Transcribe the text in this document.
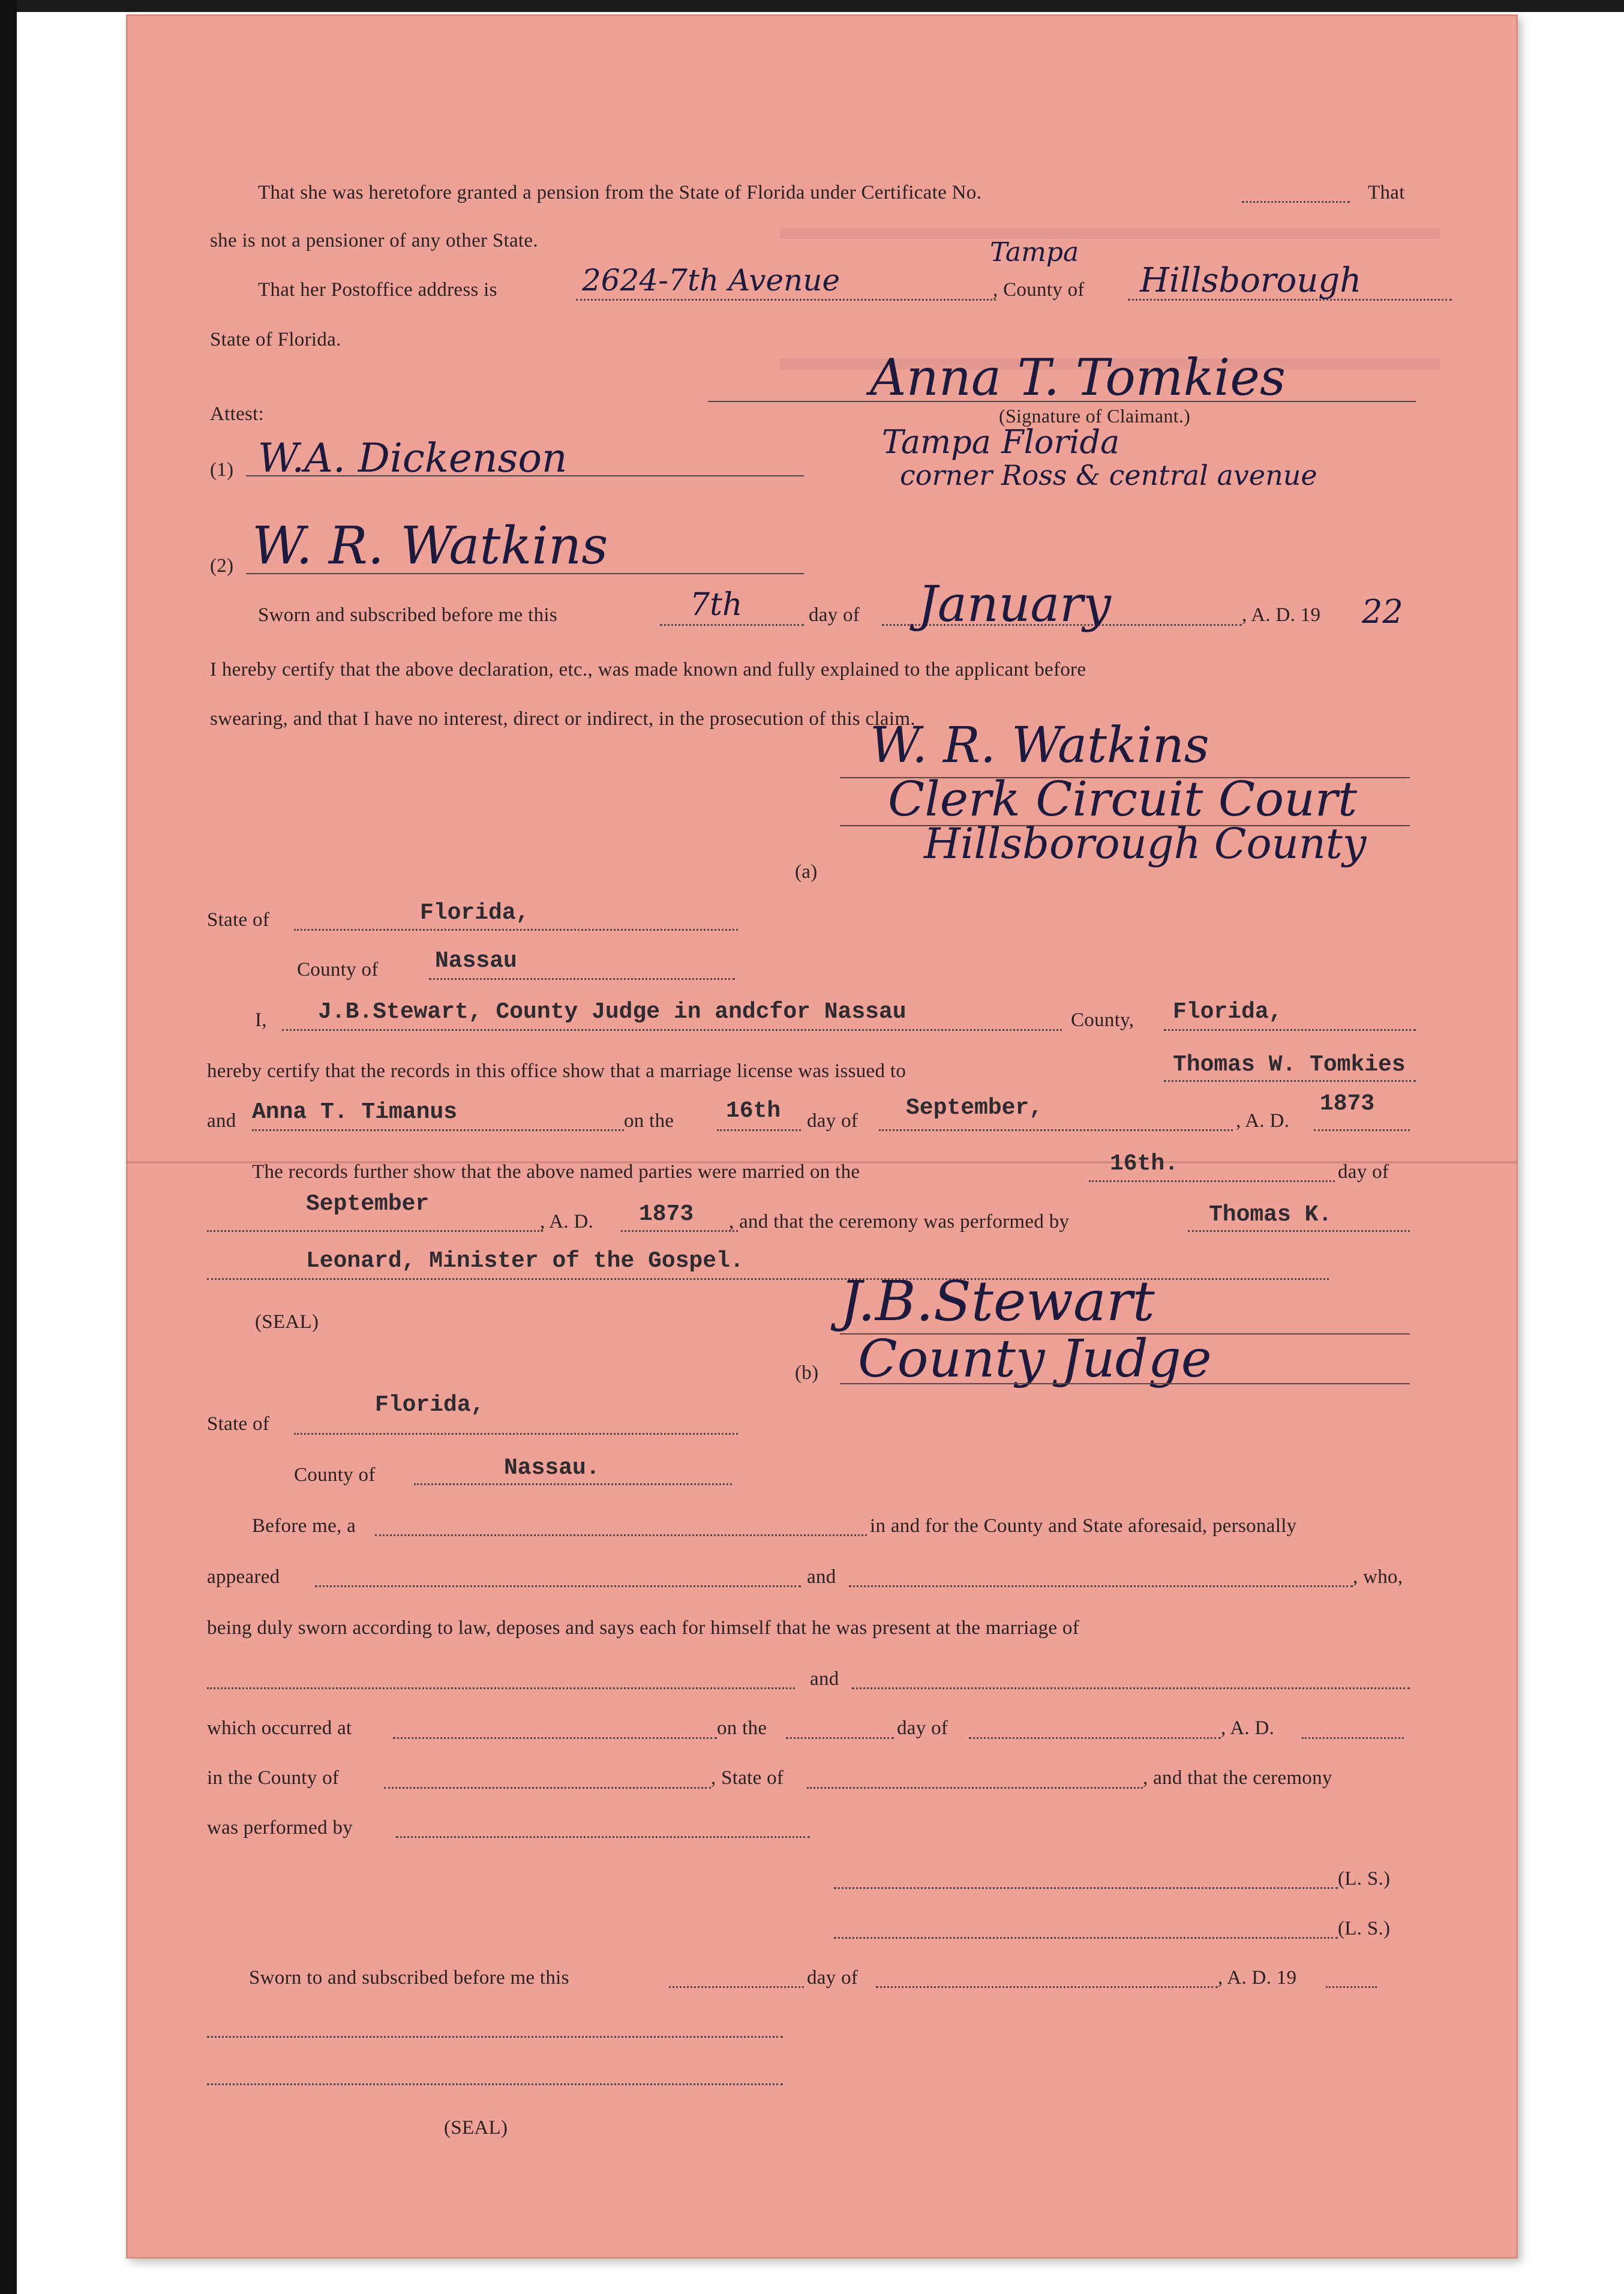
That she was heretofore granted a pension from the State of Florida under Certificate No.	That
she is not a pensioner of any other State.
That her Postoffice address is	2624-7th Avenue
Tampa
, County of Hillsborough
State of Florida.
Anna T. Tomkies
(Signature of Claimant.)
Attest:
(1) W.A. Dickenson	Tampa Florida
corner Ross & central avenue
(2) W. R. Watkins
Sworn and subscribed before me this	7th	day of January	, A. D. 19 22
I hereby certify that the above declaration, etc., was made known and fully explained to the applicant before
swearing, and that I have no interest, direct or indirect, in the prosecution of this claim.
W. R. Watkins
Clerk Circuit Court
Hillsborough County
(a)
State of	Florida,
County of Nassau
I, J.B.Stewart, County Judge in andcfor Nassau	County, Florida,
hereby certify that the records in this office show that a marriage license was issued to	Thomas W. Tomkies
and Anna T. Timanus	on the 16th day of September,	, A. D.
1873
The records further show that the above named parties were married on the	16th.	day of
September
, A. D. 1873 , and that the ceremony was performed by	Thomas K.
Leonard, Minister of the Gospel.
(SEAL)	J.B.Stewart
County Judge
(b)
State of
Florida,
County of	Nassau.
Before me, a	in and for the County and State aforesaid, personally
appeared	and	, who,
being duly sworn according to law, deposes and says each for himself that he was present at the marriage of
and
which occurred at	on the	day of	, A. D.
in the County of	, State of	, and that the ceremony
was performed by
(L. S.)
(L. S.)
Sworn to and subscribed before me this	day of	, A. D. 19
(SEAL)
